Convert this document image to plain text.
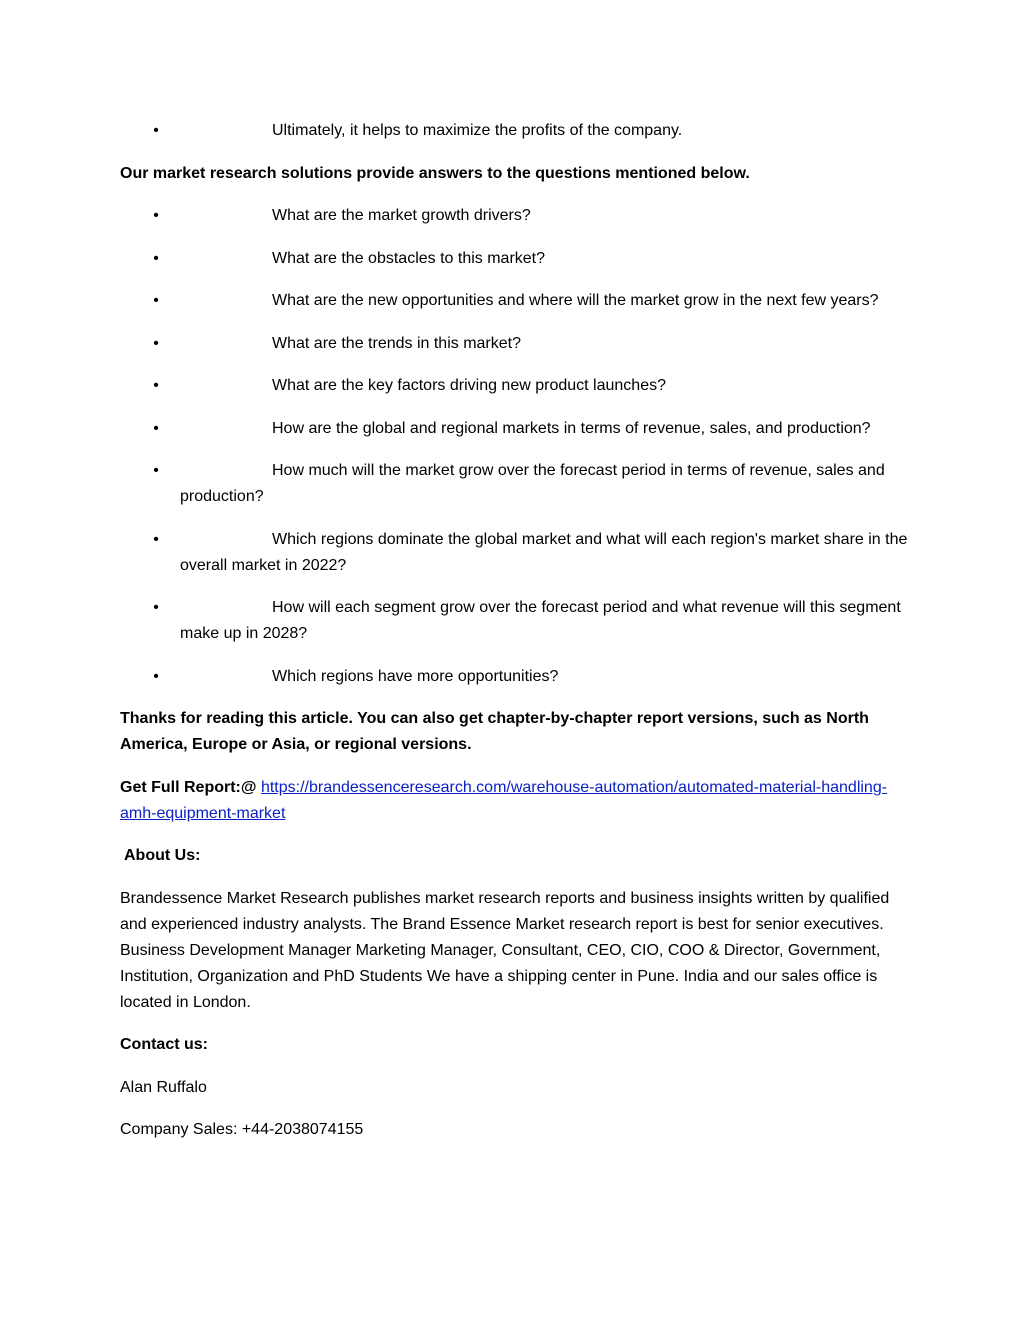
•	Ultimately, it helps to maximize the profits of the company.

Our market research solutions provide answers to the questions mentioned below.

•	What are the market growth drivers?
•	What are the obstacles to this market?
•	What are the new opportunities and where will the market grow in the next few years?
•	What are the trends in this market?
•	What are the key factors driving new product launches?
•	How are the global and regional markets in terms of revenue, sales, and production?
•	How much will the market grow over the forecast period in terms of revenue, sales and production?
•	Which regions dominate the global market and what will each region's market share in the overall market in 2022?
•	How will each segment grow over the forecast period and what revenue will this segment make up in 2028?
•	Which regions have more opportunities?

Thanks for reading this article. You can also get chapter-by-chapter report versions, such as North America, Europe or Asia, or regional versions.

Get Full Report:@ https://brandessenceresearch.com/warehouse-automation/automated-material-handling-amh-equipment-market

About Us:

Brandessence Market Research publishes market research reports and business insights written by qualified and experienced industry analysts. The Brand Essence Market research report is best for senior executives. Business Development Manager Marketing Manager, Consultant, CEO, CIO, COO & Director, Government, Institution, Organization and PhD Students We have a shipping center in Pune. India and our sales office is located in London.

Contact us:

Alan Ruffalo

Company Sales: +44-2038074155
